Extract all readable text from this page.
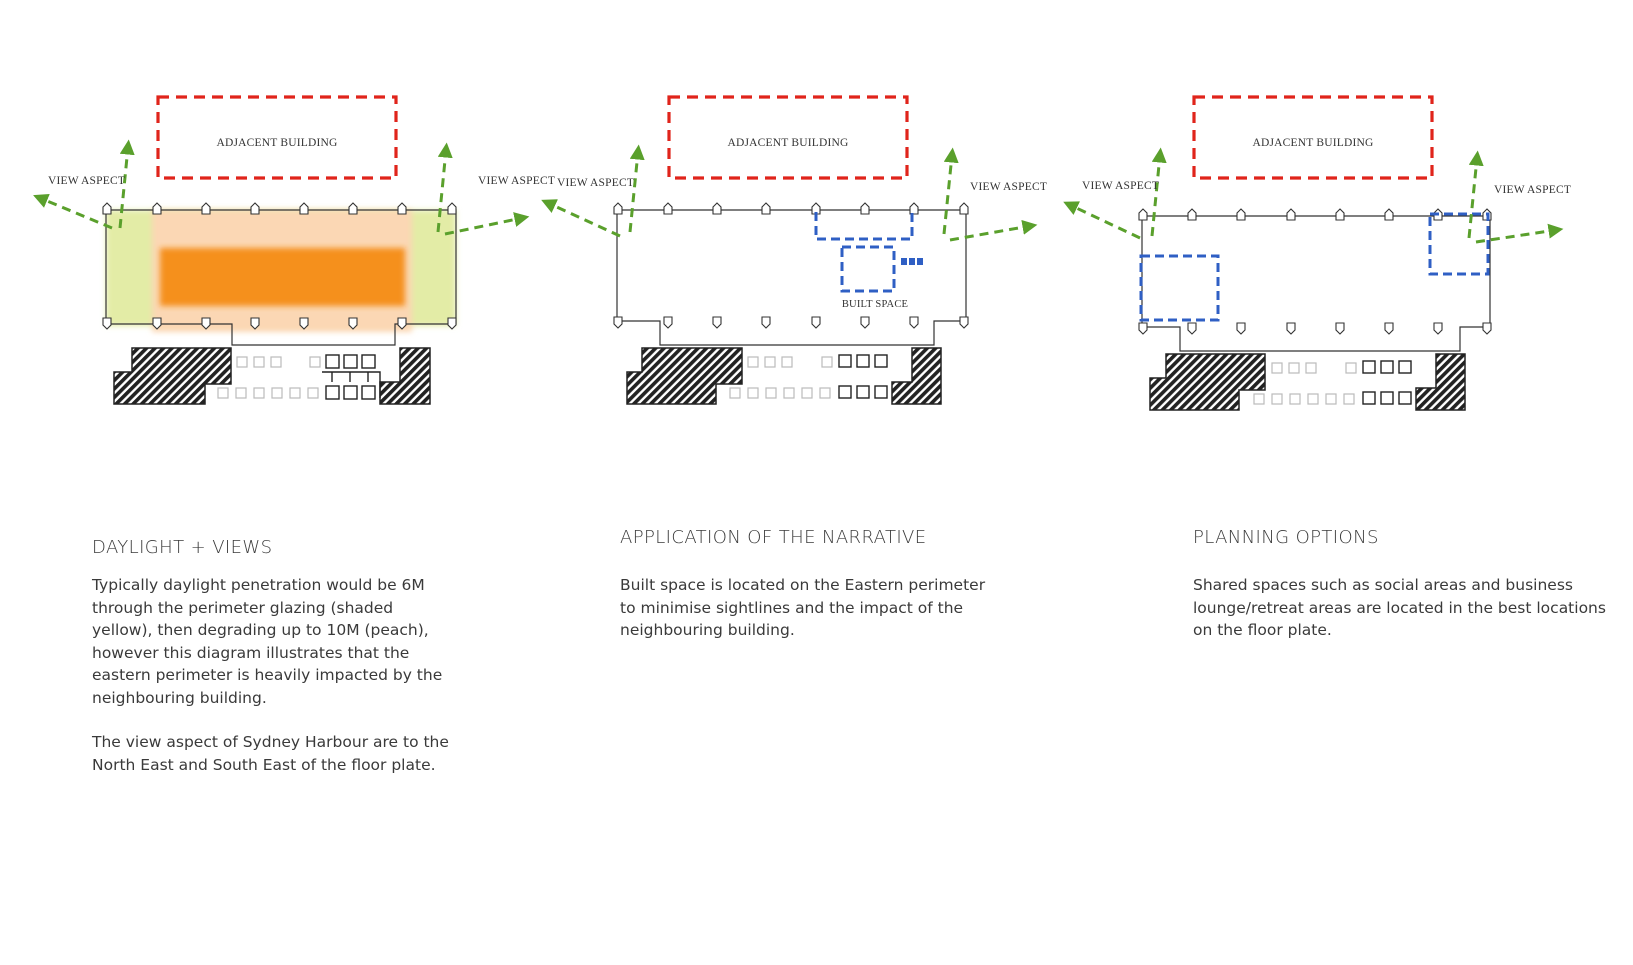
ADJACENT BUILDING
VIEW ASPECT	VIEW ASPECT
ADJACENT BUILDING
BUILT SPACE
VIEW ASPECT	VIEW ASPECT
ADJACENT BUILDING
VIEW ASPECT	VIEW ASPECT
DAYLIGHT + VIEWS

Typically daylight penetration would be 6M through the perimeter glazing (shaded yellow), then degrading up to 10M (peach), however this diagram illustrates that the eastern perimeter is heavily impacted by the neighbouring building.

The view aspect of Sydney Harbour are to the North East and South East of the floor plate.

APPLICATION OF THE NARRATIVE

Built space is located on the Eastern perimeter to minimise sightlines and the impact of the neighbouring building.

PLANNING OPTIONS

Shared spaces such as social areas and business lounge/retreat areas are located in the best locations on the floor plate.
